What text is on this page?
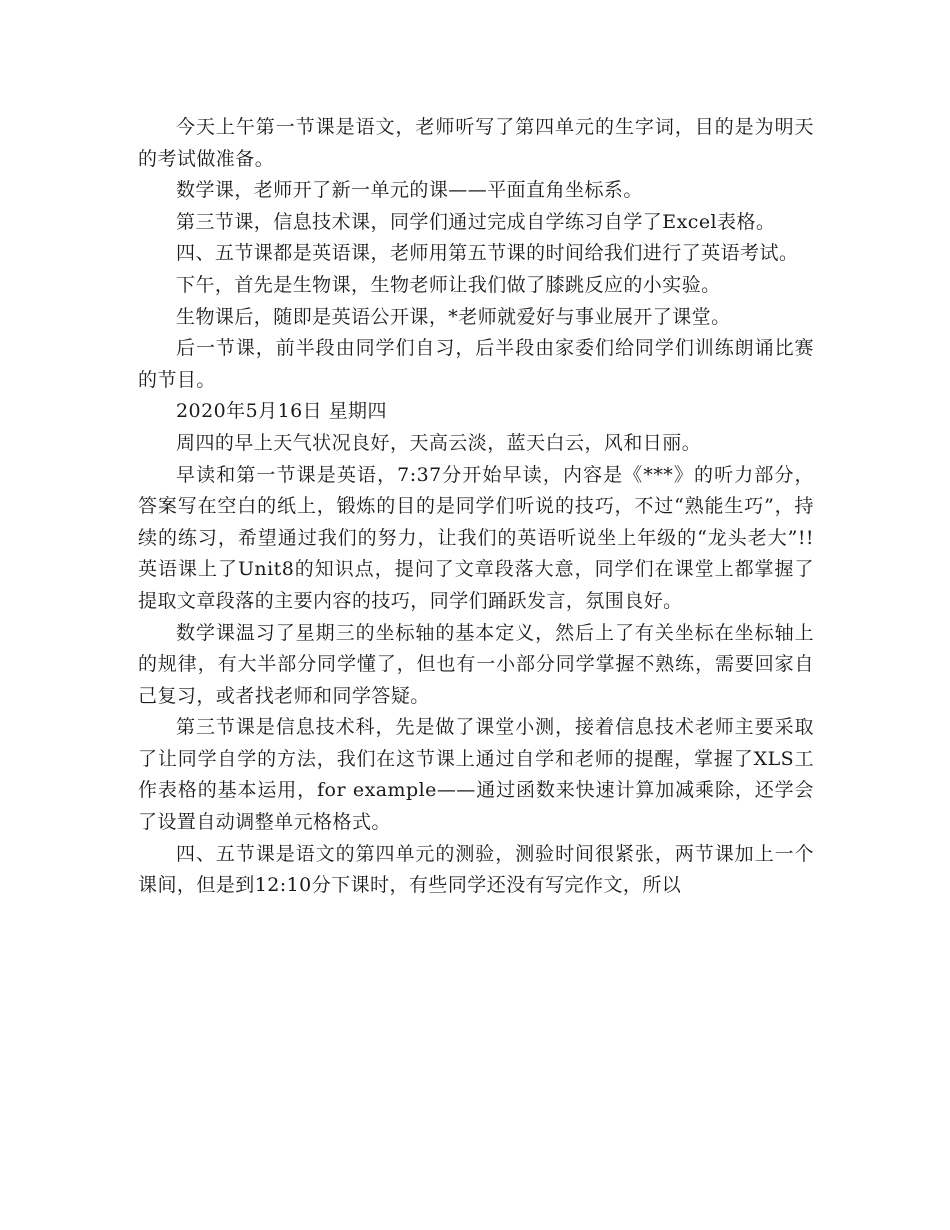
今天上午第一节课是语文，老师听写了第四单元的生字词，目的是为明天的考试做准备。

数学课，老师开了新一单元的课——平面直角坐标系。

第三节课，信息技术课，同学们通过完成自学练习自学了Excel表格。

四、五节课都是英语课，老师用第五节课的时间给我们进行了英语考试。

下午，首先是生物课，生物老师让我们做了膝跳反应的小实验。

生物课后，随即是英语公开课，*老师就爱好与事业展开了课堂。

后一节课，前半段由同学们自习，后半段由家委们给同学们训练朗诵比赛的节目。

2020年5月16日 星期四

周四的早上天气状况良好，天高云淡，蓝天白云，风和日丽。

早读和第一节课是英语，7:37分开始早读，内容是《***》的听力部分，答案写在空白的纸上，锻炼的目的是同学们听说的技巧，不过“熟能生巧”，持续的练习，希望通过我们的努力，让我们的英语听说坐上年级的“龙头老大”!!英语课上了Unit8的知识点，提问了文章段落大意，同学们在课堂上都掌握了提取文章段落的主要内容的技巧，同学们踊跃发言，氛围良好。

数学课温习了星期三的坐标轴的基本定义，然后上了有关坐标在坐标轴上的规律，有大半部分同学懂了，但也有一小部分同学掌握不熟练，需要回家自己复习，或者找老师和同学答疑。

第三节课是信息技术科，先是做了课堂小测，接着信息技术老师主要采取了让同学自学的方法，我们在这节课上通过自学和老师的提醒，掌握了XLS工作表格的基本运用，for example——通过函数来快速计算加减乘除，还学会了设置自动调整单元格格式。

四、五节课是语文的第四单元的测验，测验时间很紧张，两节课加上一个课间，但是到12:10分下课时，有些同学还没有写完作文，所以
